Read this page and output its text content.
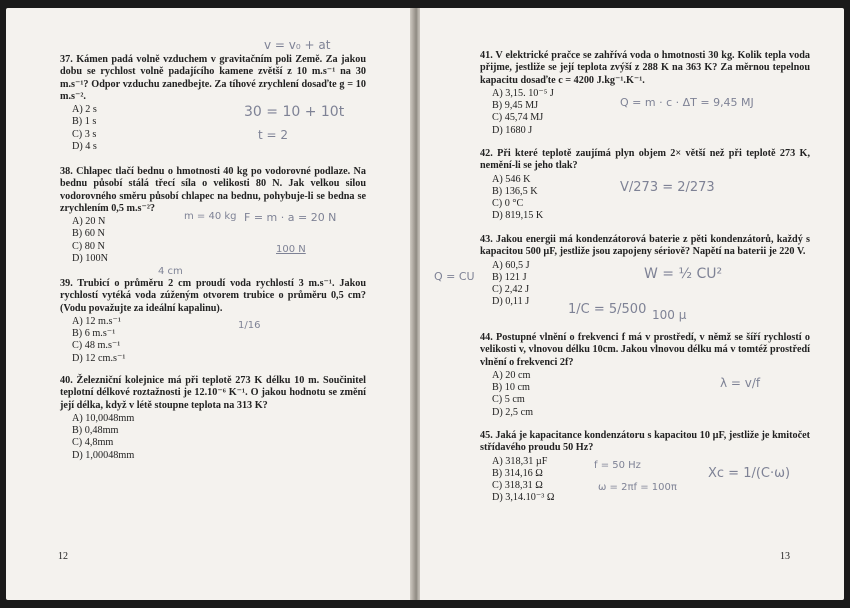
37. Kámen padá volně vzduchem v gravitačním poli Země. Za jakou dobu se rychlost volně padajícího kamene zvětší z 10 m.s⁻¹ na 30 m.s⁻¹? Odpor vzduchu zanedbejte. Za tíhové zrychlení dosaďte g = 10 m.s⁻².
A) 2 s
B) 1 s
C) 3 s
D) 4 s
38. Chlapec tlačí bednu o hmotnosti 40 kg po vodorovné podlaze. Na bednu působí stálá třecí síla o velikosti 80 N. Jak velkou silou vodorovného směru působí chlapec na bednu, pohybuje-li se bedna se zrychlením 0,5 m.s⁻²?
A) 20 N
B) 60 N
C) 80 N
D) 100N
39. Trubicí o průměru 2 cm proudí voda rychlostí 3 m.s⁻¹. Jakou rychlostí vytéká voda zúženým otvorem trubice o průměru 0,5 cm? (Vodu považujte za ideální kapalinu).
A) 12 m.s⁻¹
B) 6 m.s⁻¹
C) 48 m.s⁻¹
D) 12 cm.s⁻¹
40. Železniční kolejnice má při teplotě 273 K délku 10 m. Součinitel teplotní délkové roztažnosti je 12.10⁻⁶ K⁻¹. O jakou hodnotu se změní její délka, když v létě stoupne teplota na 313 K?
A) 10,0048mm
B) 0,48mm
C) 4,8mm
D) 1,00048mm
v = v₀ + at
30 = 10 + 10t
t = 2
m = 40 kg F = m · a = 20 N
100 N
4 cm
1/16
12
41. V elektrické pračce se zahřívá voda o hmotnosti 30 kg. Kolik tepla voda přijme, jestliže se její teplota zvýší z 288 K na 363 K? Za měrnou tepelnou kapacitu dosaďte c = 4200 J.kg⁻¹.K⁻¹.
A) 3,15. 10⁻⁵ J
B) 9,45 MJ
C) 45,74 MJ
D) 1680 J
42. Při které teplotě zaujímá plyn objem 2× větší než při teplotě 273 K, nemění-li se jeho tlak?
A) 546 K
B) 136,5 K
C) 0 °C
D) 819,15 K
43. Jakou energii má kondenzátorová baterie z pěti kondenzátorů, každý s kapacitou 500 µF, jestliže jsou zapojeny sériově? Napětí na baterii je 220 V.
A) 60,5 J
B) 121 J
C) 2,42 J
D) 0,11 J
44. Postupné vlnění o frekvenci f má v prostředí, v němž se šíří rychlostí o velikosti v, vlnovou délku 10cm. Jakou vlnovou délku má v tomtéž prostředí vlnění o frekvenci 2f?
A) 20 cm
B) 10 cm
C) 5 cm
D) 2,5 cm
45. Jaká je kapacitance kondenzátoru s kapacitou 10 µF, jestliže je kmitočet střídavého proudu 50 Hz?
A) 318,31 µF
B) 314,16 Ω
C) 318,31 Ω
D) 3,14.10⁻³ Ω
Q = m · c · ΔT = 9,45 MJ
V/273 = 2/273
W = ½ CU²
1/C = 5/500 100 µ
λ = v/f
f = 50 Hz
Xc = 1/(C·ω)
ω = 2πf = 100π
Q = CU
13
